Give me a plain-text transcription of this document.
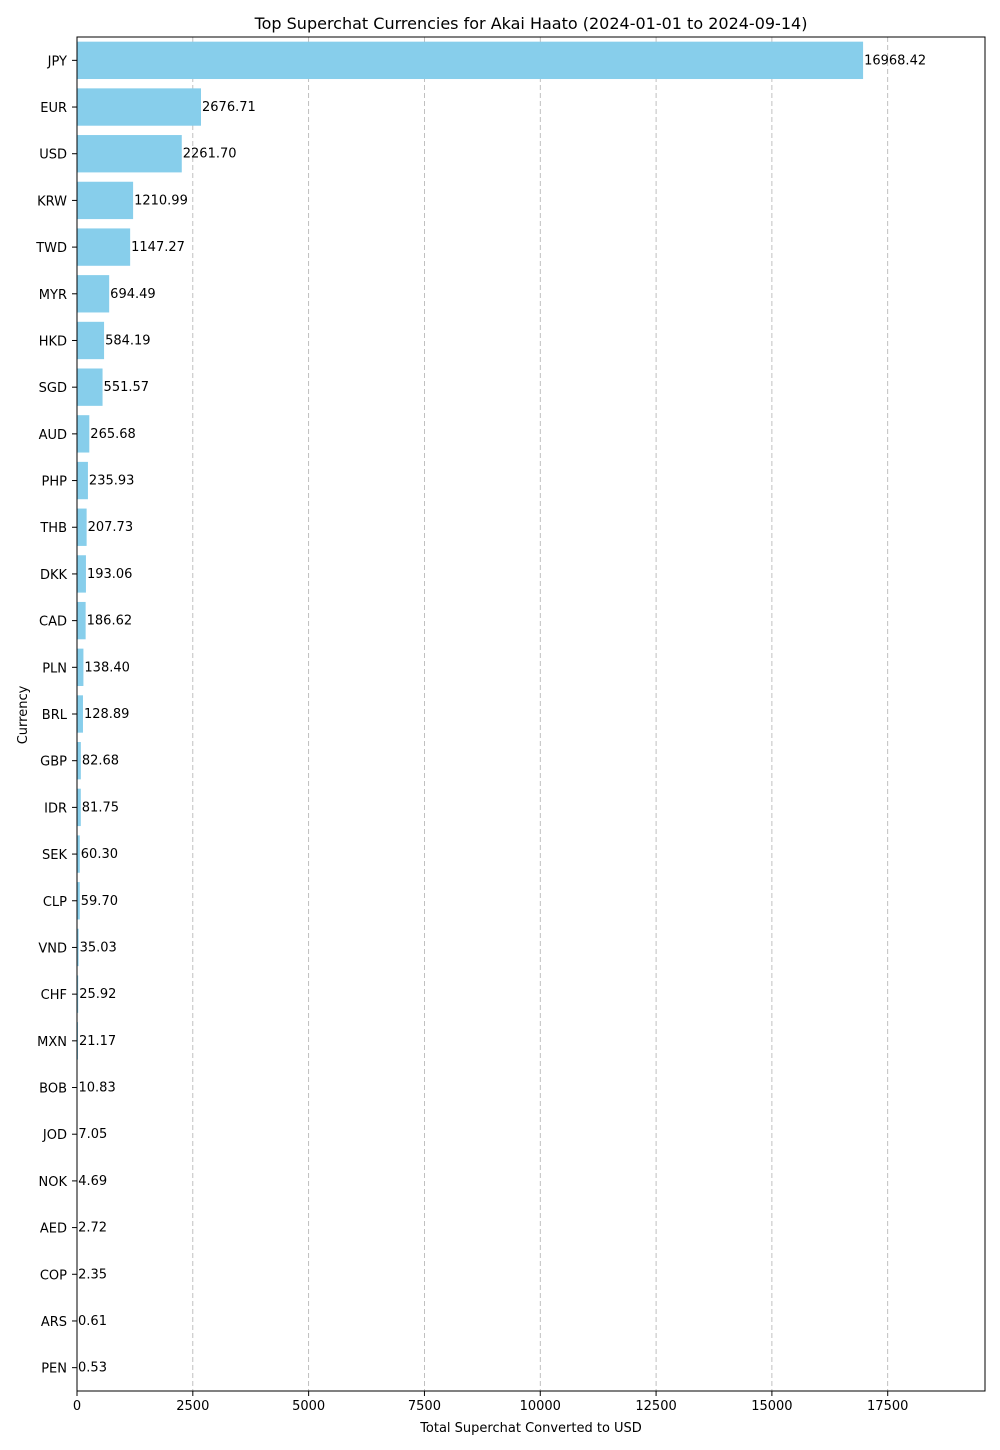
Top Superchat Currencies for Akai Haato (2024-01-01 to 2024-09-14)
16968.42
2676.71
2261.70
1210.99
1147.27
694.49
584.19
551.57
265.68
235.93
207.73
193.06
186.62
138.40
128.89
82.68
81.75
60.30
59.70
35.03
25.92
21.17
10.83
7.05
4.69
2.72
2.35
0.61
0.53
JPY
EUR
USD
KRW
TWD
MYR
HKD
SGD
AUD
PHP
THB
DKK
CAD
PLN
BRL
GBP
IDR
SEK
CLP
VND
CHF
MXN
BOB
JOD
NOK
AED
COP
ARS
PEN
0	2500	5000	7500	10000	12500	15000	17500
Total Superchat Converted to USD
Currency
